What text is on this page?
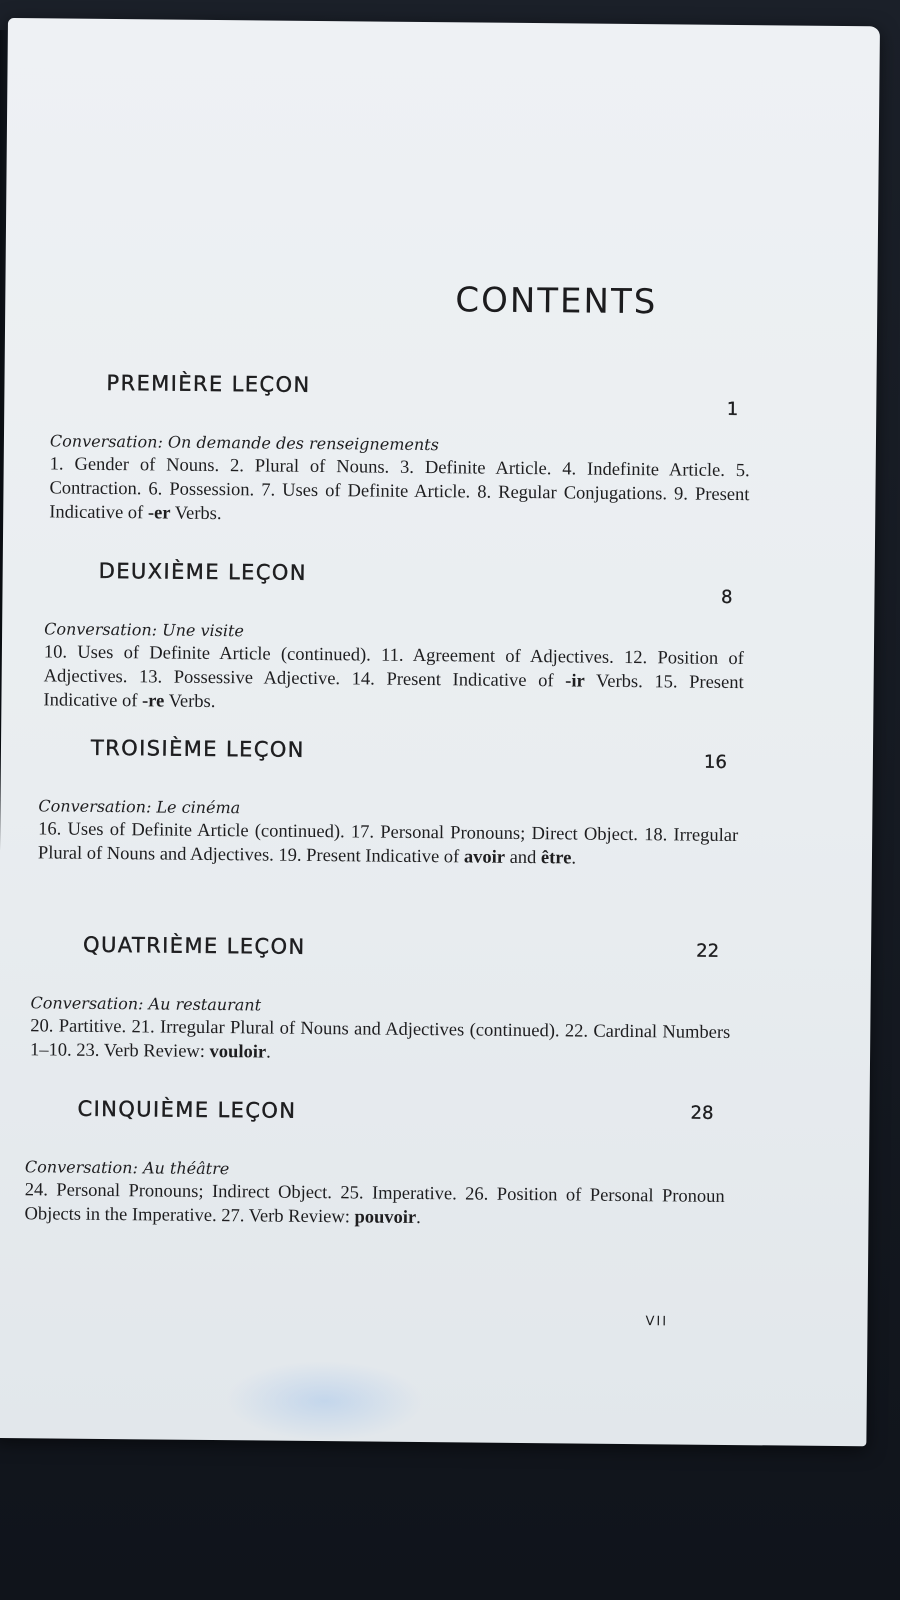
CONTENTS
PREMIÈRE LEÇON
1

Conversation: On demande des renseignements

1. Gender of Nouns. 2. Plural of Nouns. 3. Definite Article. 4. Indefinite Article. 5. Contraction. 6. Possession. 7. Uses of Definite Article. 8. Regular Conjugations. 9. Present Indicative of -er Verbs.

DEUXIÈME LEÇON
8

Conversation: Une visite

10. Uses of Definite Article (continued). 11. Agreement of Adjectives. 12. Position of Adjectives. 13. Possessive Adjective. 14. Present Indicative of -ir Verbs. 15. Present Indicative of -re Verbs.

TROISIÈME LEÇON
16

Conversation: Le cinéma

16. Uses of Definite Article (continued). 17. Personal Pronouns; Direct Object. 18. Irregular Plural of Nouns and Adjectives. 19. Present Indicative of avoir and être.

QUATRIÈME LEÇON	22

Conversation: Au restaurant

20. Partitive. 21. Irregular Plural of Nouns and Adjectives (continued). 22. Cardinal Numbers 1–10. 23. Verb Review: vouloir.

CINQUIÈME LEÇON	28

Conversation: Au théâtre

24. Personal Pronouns; Indirect Object. 25. Imperative. 26. Position of Personal Pronoun Objects in the Imperative. 27. Verb Review: pouvoir.

VII
